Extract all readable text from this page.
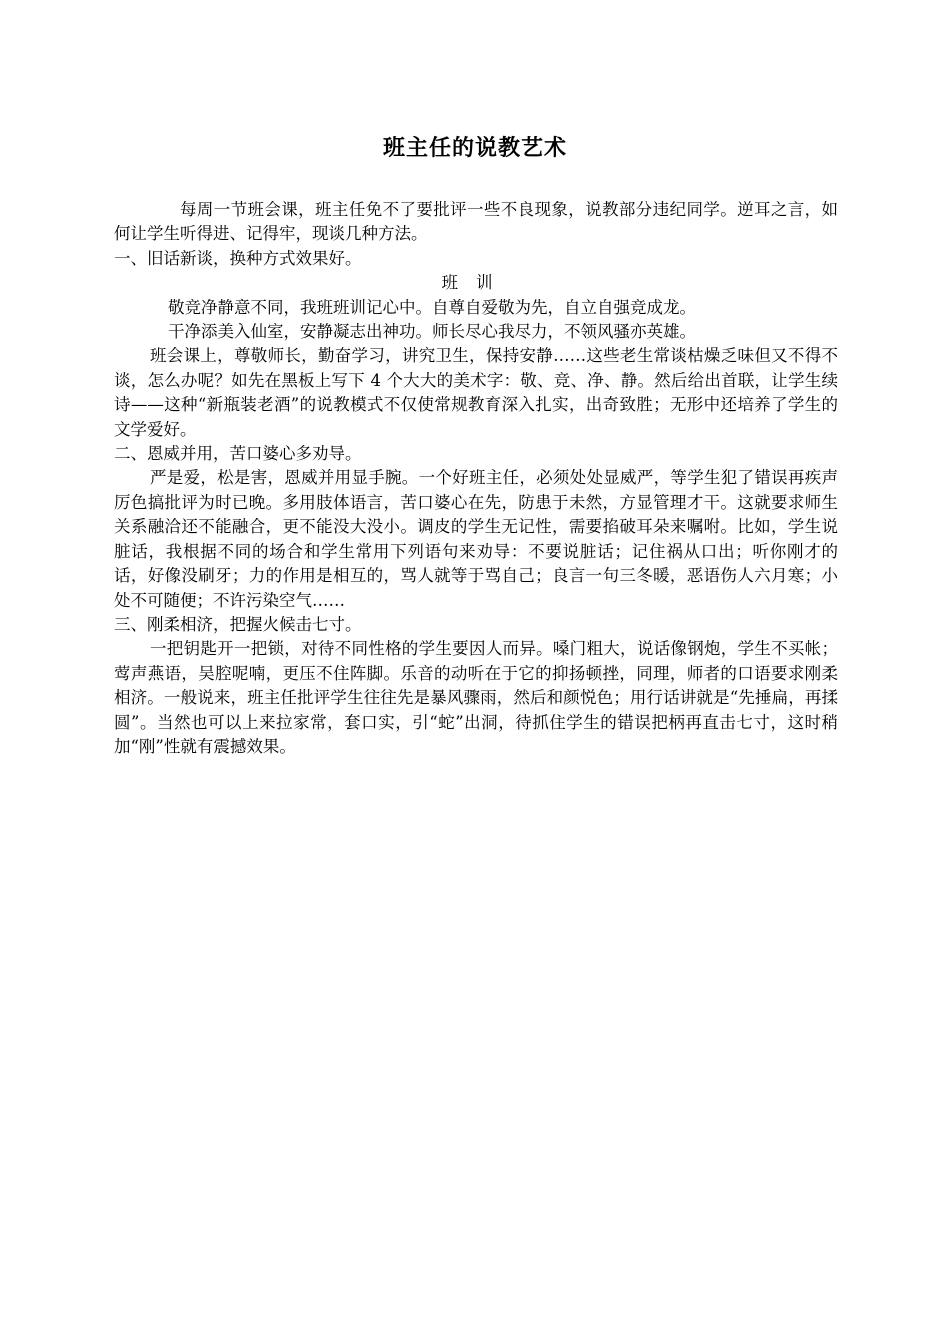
班主任的说教艺术

每周一节班会课，班主任免不了要批评一些不良现象，说教部分违纪同学。逆耳之言，如何让学生听得进、记得牢，现谈几种方法。

一、旧话新谈，换种方式效果好。

班训

敬竞净静意不同，我班班训记心中。自尊自爱敬为先，自立自强竞成龙。

干净添美入仙室，安静凝志出神功。师长尽心我尽力，不领风骚亦英雄。

班会课上，尊敬师长，勤奋学习，讲究卫生，保持安静……这些老生常谈枯燥乏味但又不得不谈，怎么办呢？如先在黑板上写下 4 个大大的美术字：敬、竞、净、静。然后给出首联，让学生续诗——这种“新瓶装老酒”的说教模式不仅使常规教育深入扎实，出奇致胜；无形中还培养了学生的文学爱好。

二、恩威并用，苦口婆心多劝导。

严是爱，松是害，恩威并用显手腕。一个好班主任，必须处处显威严，等学生犯了错误再疾声厉色搞批评为时已晚。多用肢体语言，苦口婆心在先，防患于未然，方显管理才干。这就要求师生关系融洽还不能融合，更不能没大没小。调皮的学生无记性，需要掐破耳朵来嘱咐。比如，学生说脏话，我根据不同的场合和学生常用下列语句来劝导：不要说脏话；记住祸从口出；听你刚才的话，好像没刷牙；力的作用是相互的，骂人就等于骂自己；良言一句三冬暖，恶语伤人六月寒；小处不可随便；不许污染空气……

三、刚柔相济，把握火候击七寸。

一把钥匙开一把锁，对待不同性格的学生要因人而异。嗓门粗大，说话像钢炮，学生不买帐；莺声燕语，吴腔呢喃，更压不住阵脚。乐音的动听在于它的抑扬顿挫，同理，师者的口语要求刚柔相济。一般说来，班主任批评学生往往先是暴风骤雨，然后和颜悦色；用行话讲就是“先捶扁，再揉圆”。当然也可以上来拉家常，套口实，引“蛇”出洞，待抓住学生的错误把柄再直击七寸，这时稍加“刚”性就有震撼效果。
